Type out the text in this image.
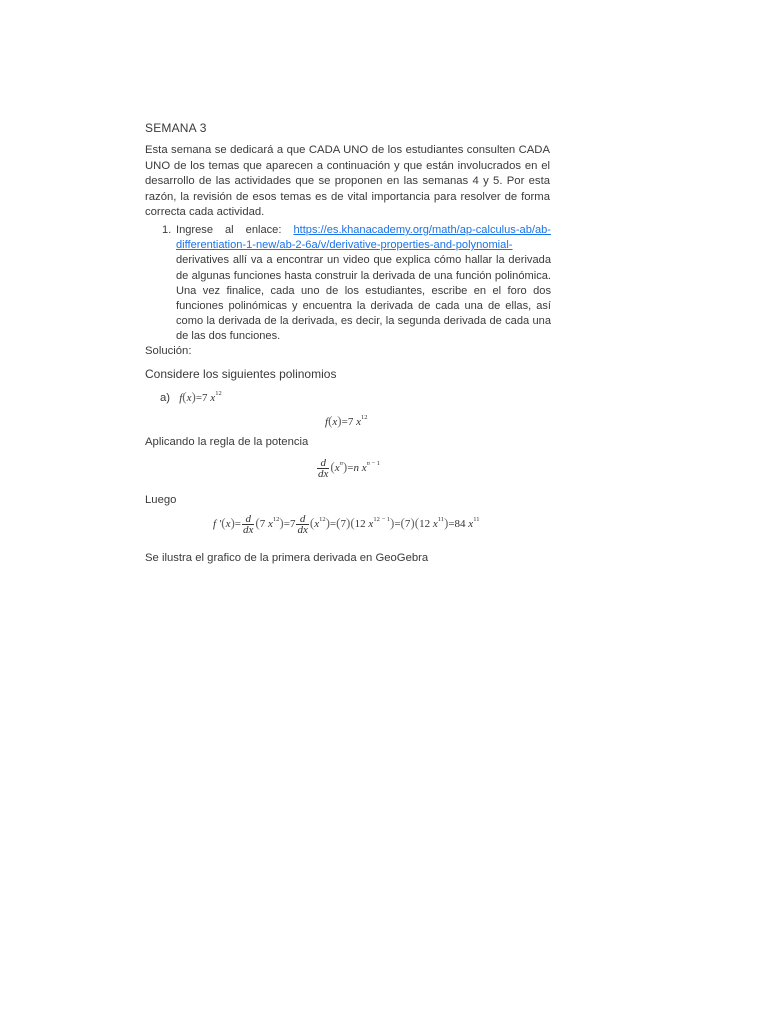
SEMANA 3
Esta semana se dedicará a que CADA UNO de los estudiantes consulten CADA UNO de los temas que aparecen a continuación y que están involucrados en el desarrollo de las actividades que se proponen en las semanas 4 y 5. Por esta razón, la revisión de esos temas es de vital importancia para resolver de forma correcta cada actividad.
1. Ingrese al enlace: https://es.khanacademy.org/math/ap-calculus-ab/ab-differentiation-1-new/ab-2-6a/v/derivative-properties-and-polynomial- derivatives allí va a encontrar un video que explica cómo hallar la derivada de algunas funciones hasta construir la derivada de una función polinómica. Una vez finalice, cada uno de los estudiantes, escribe en el foro dos funciones polinómicas y encuentra la derivada de cada una de ellas, así como la derivada de la derivada, es decir, la segunda derivada de cada una de las dos funciones.
Solución:
Considere los siguientes polinomios
a) f(x)=7 $x^{12}$
f(x)=7 $x^{12}$
Aplicando la regla de la potencia
$\frac{d}{dx} (x^n)=n$ $x^{n - 1}$
Luego
f $'(x)= \frac{d}{dx} (7$ $x^{12})=7 \frac{d}{dx} (x^{12})=(7)(12$ $x^{12 - 1})=(7)(12$ $x^{11})=84$ $x^{11}$
Se ilustra el grafico de la primera derivada en GeoGebra
